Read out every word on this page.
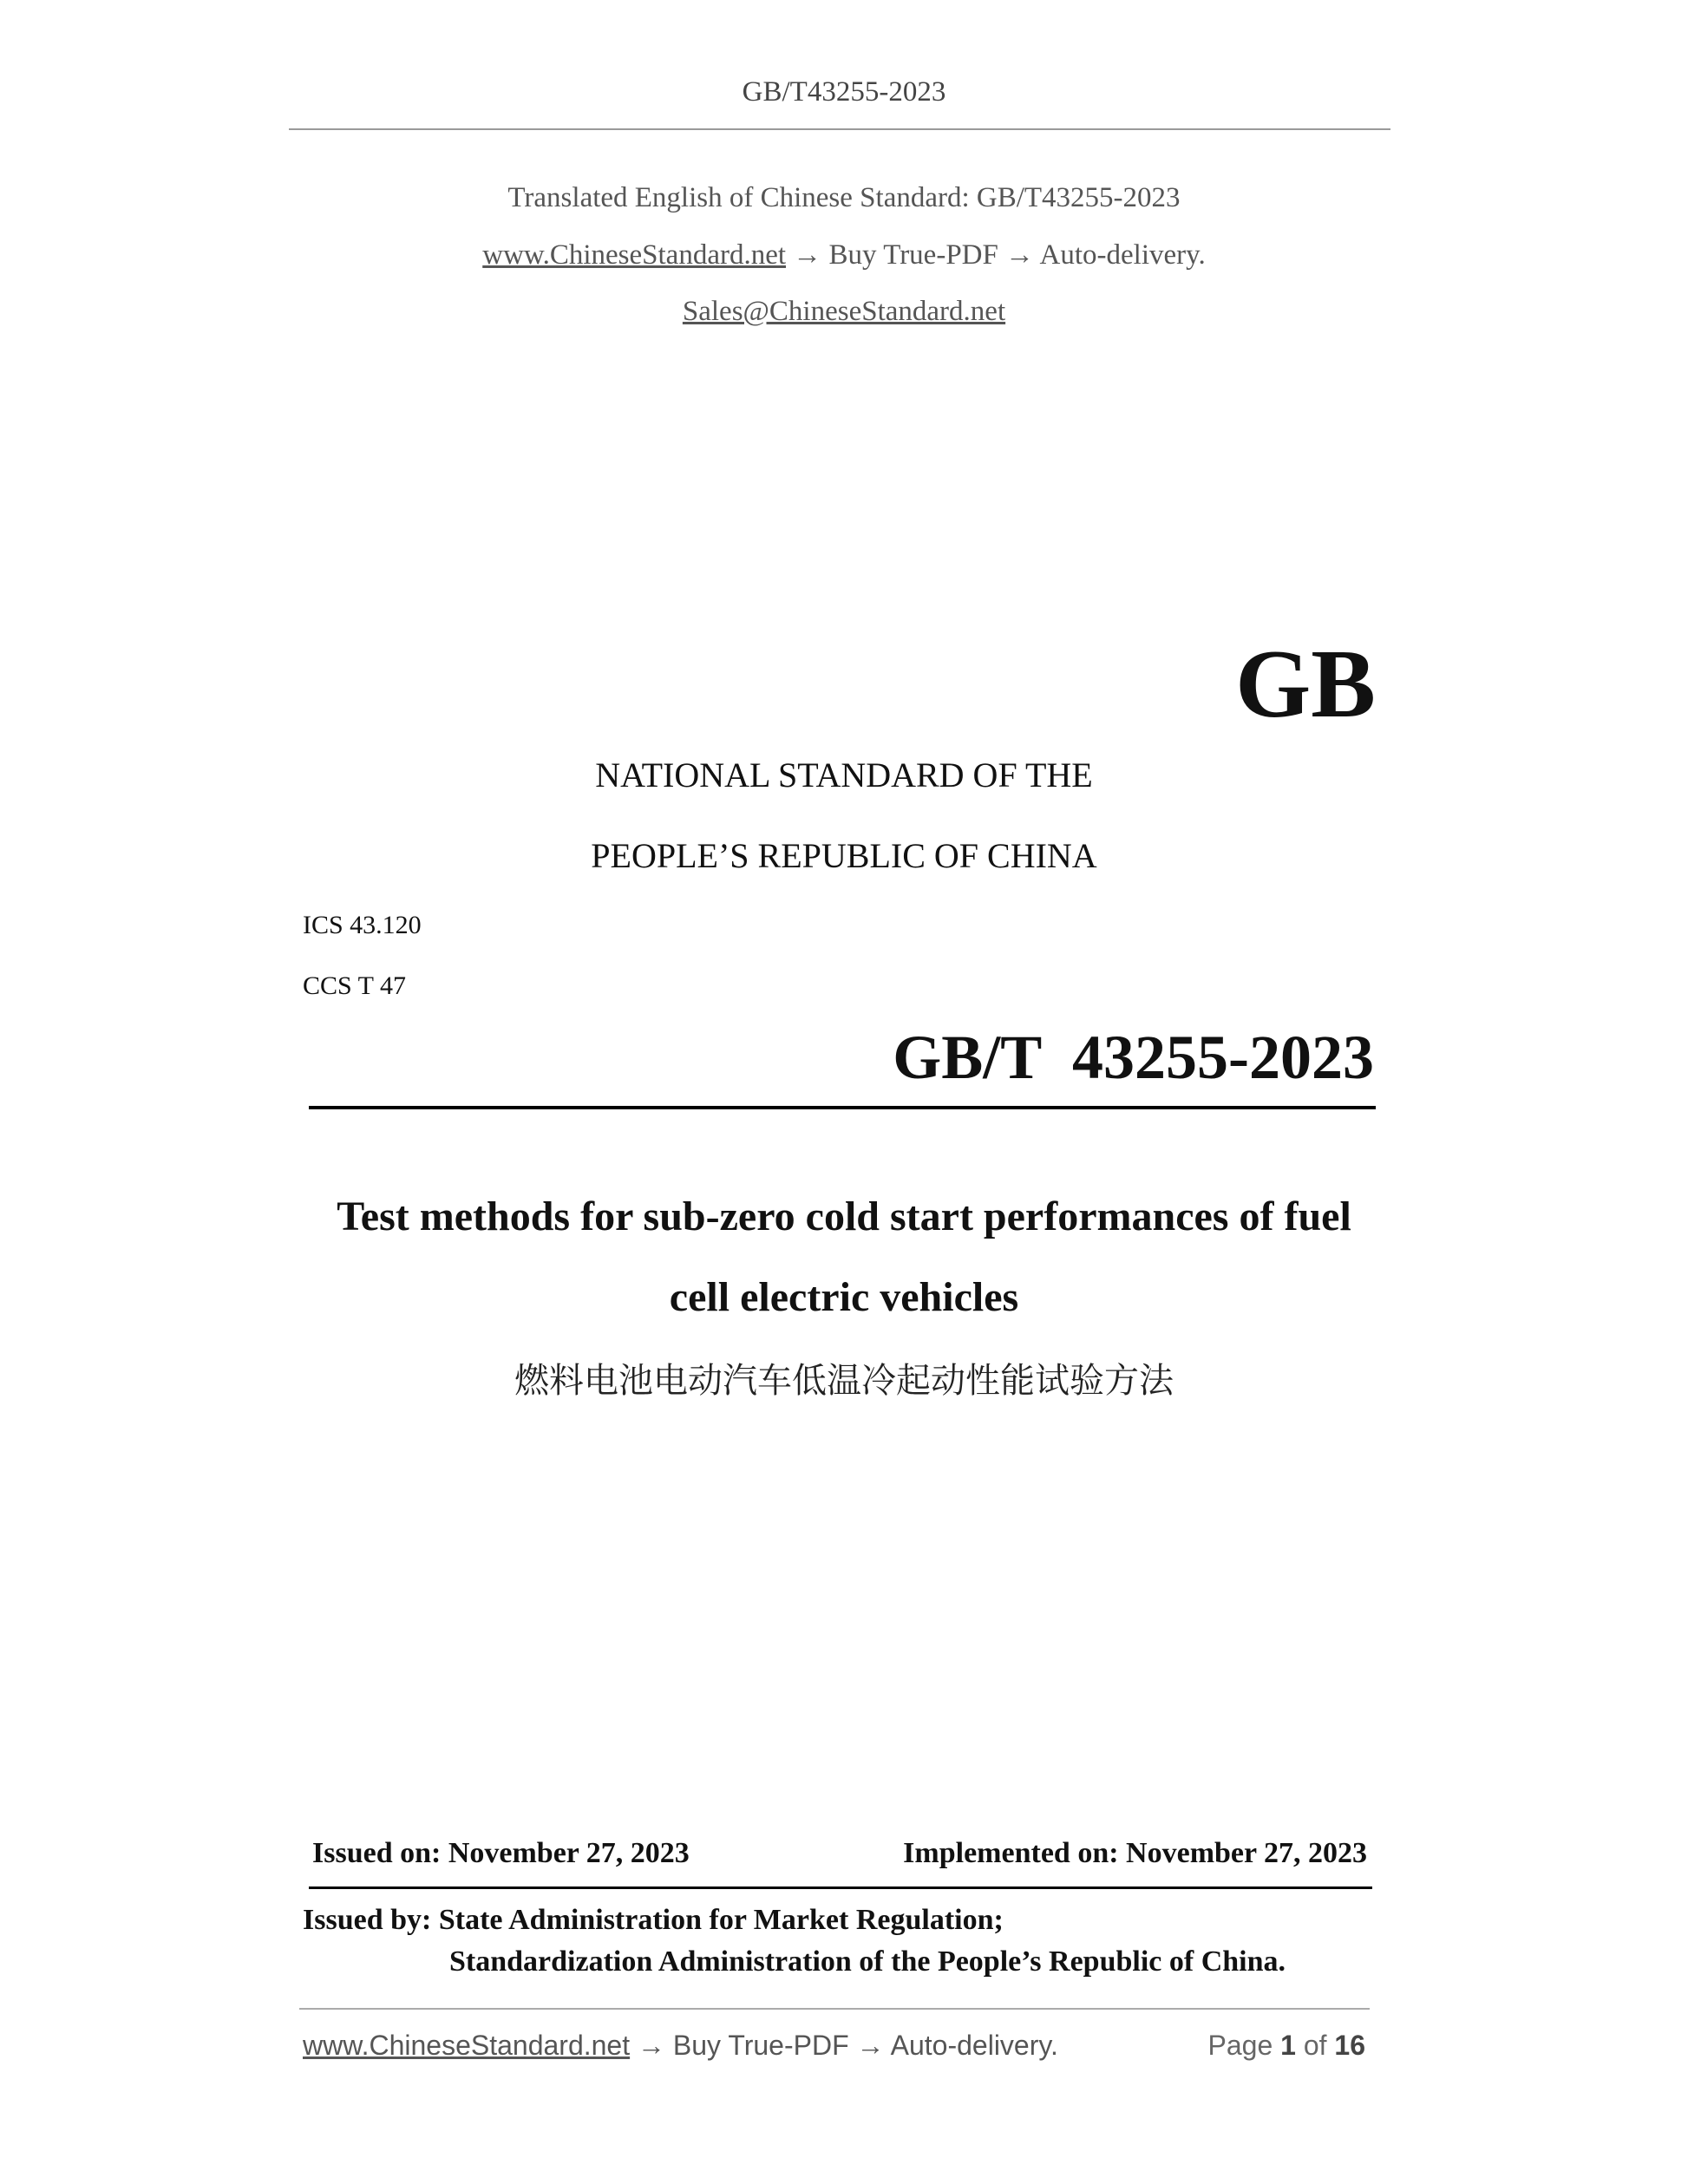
GB/T43255-2023
Translated English of Chinese Standard: GB/T43255-2023
www.ChineseStandard.net → Buy True-PDF → Auto-delivery.
Sales@ChineseStandard.net
GB
NATIONAL STANDARD OF THE
PEOPLE’S REPUBLIC OF CHINA
ICS 43.120
CCS T 47
GB/T  43255-2023
Test methods for sub-zero cold start performances of fuel
cell electric vehicles
燃料电池电动汽车低温冷起动性能试验方法
Issued on: November 27, 2023	Implemented on: November 27, 2023
Issued by: State Administration for Market Regulation;
Standardization Administration of the People’s Republic of China.
www.ChineseStandard.net → Buy True-PDF → Auto-delivery.	Page 1 of 16
